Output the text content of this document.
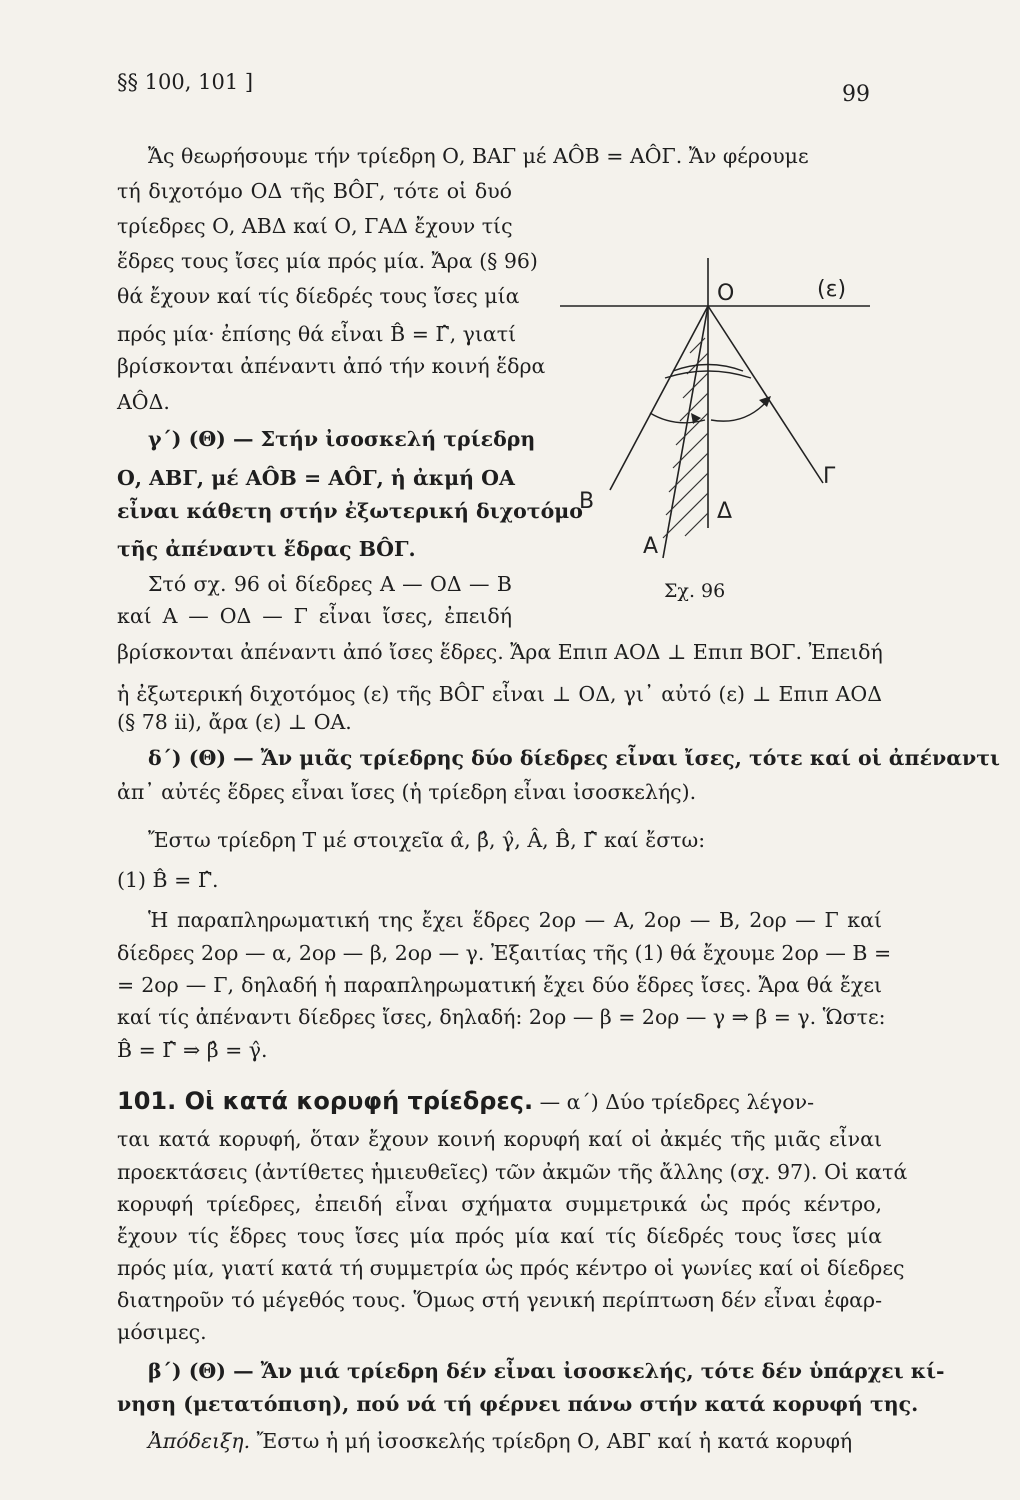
§§ 100, 101 ]	99
Ἄς θεωρήσουμε τήν τρίεδρη Ο, ΒΑΓ μέ ΑÔΒ = ΑÔΓ. Ἄν φέρουμε
τή διχοτόμο ΟΔ τῆς ΒÔΓ, τότε οἱ δυό
τρίεδρες Ο, ΑΒΔ καί Ο, ΓΑΔ ἔχουν τίς
ἕδρες τους ἴσες μία πρός μία. Ἄρα (§ 96)
θά ἔχουν καί τίς δίεδρές τους ἴσες μία
πρός μία· ἐπίσης θά εἶναι B̂ = Γ̂, γιατί
βρίσκονται ἀπέναντι ἀπό τήν κοινή ἕδρα
ΑÔΔ.
γ΄) (Θ) — Στήν ἰσοσκελή τρίεδρη
Ο, ΑΒΓ, μέ ΑÔΒ = ΑÔΓ, ἡ ἀκμή ΟΑ
εἶναι κάθετη στήν ἐξωτερική διχοτόμο
τῆς ἀπέναντι ἕδρας ΒÔΓ.
Στό σχ. 96 οἱ δίεδρες Α — ΟΔ — Β
καί Α — ΟΔ — Γ εἶναι ἴσες, ἐπειδή
βρίσκονται ἀπέναντι ἀπό ἴσες ἕδρες. Ἄρα Επιπ ΑΟΔ ⊥ Επιπ ΒΟΓ. Ἐπειδή
ἡ ἐξωτερική διχοτόμος (ε) τῆς ΒÔΓ εἶναι ⊥ ΟΔ, γι᾽ αὐτό (ε) ⊥ Επιπ ΑΟΔ
(§ 78 ii), ἄρα (ε) ⊥ ΟΑ.
δ΄) (Θ) — Ἄν μιᾶς τρίεδρης δύο δίεδρες εἶναι ἴσες, τότε καί οἱ ἀπέναντι
ἀπ᾽ αὐτές ἕδρες εἶναι ἴσες (ἡ τρίεδρη εἶναι ἰσοσκελής).
Ἔστω τρίεδρη Τ μέ στοιχεῖα α̂, β̂, γ̂, Â, B̂, Γ̂ καί ἔστω:
(1) B̂ = Γ̂.
Ἡ παραπληρωματική της ἔχει ἕδρες 2ορ — Α, 2ορ — Β, 2ορ — Γ καί
δίεδρες 2ορ — α, 2ορ — β, 2ορ — γ. Ἐξαιτίας τῆς (1) θά ἔχουμε 2ορ — Β =
= 2ορ — Γ, δηλαδή ἡ παραπληρωματική ἔχει δύο ἕδρες ἴσες. Ἄρα θά ἔχει
καί τίς ἀπέναντι δίεδρες ἴσες, δηλαδή: 2ορ — β = 2ορ — γ ⇒ β = γ. Ὥστε:
B̂ = Γ̂ ⇒ β̂ = γ̂.
101. Οἱ κατά κορυφή τρίεδρες. — α΄) Δύο τρίεδρες λέγον-
ται κατά κορυφή, ὅταν ἔχουν κοινή κορυφή καί οἱ ἀκμές τῆς μιᾶς εἶναι
προεκτάσεις (ἀντίθετες ἡμιευθεῖες) τῶν ἀκμῶν τῆς ἄλλης (σχ. 97). Οἱ κατά
κορυφή τρίεδρες, ἐπειδή εἶναι σχήματα συμμετρικά ὡς πρός κέντρο,
ἔχουν τίς ἕδρες τους ἴσες μία πρός μία καί τίς δίεδρές τους ἴσες μία
πρός μία, γιατί κατά τή συμμετρία ὡς πρός κέντρο οἱ γωνίες καί οἱ δίεδρες
διατηροῦν τό μέγεθός τους. Ὅμως στή γενική περίπτωση δέν εἶναι ἐφαρ-
μόσιμες.
β΄) (Θ) — Ἄν μιά τρίεδρη δέν εἶναι ἰσοσκελής, τότε δέν ὑπάρχει κί-
νηση (μετατόπιση), πού νά τή φέρνει πάνω στήν κατά κορυφή της.
Ἀπόδειξη. Ἔστω ἡ μή ἰσοσκελής τρίεδρη Ο, ΑΒΓ καί ἡ κατά κορυφή
O	(ε)
B
Γ
Δ
A
Σχ. 96
